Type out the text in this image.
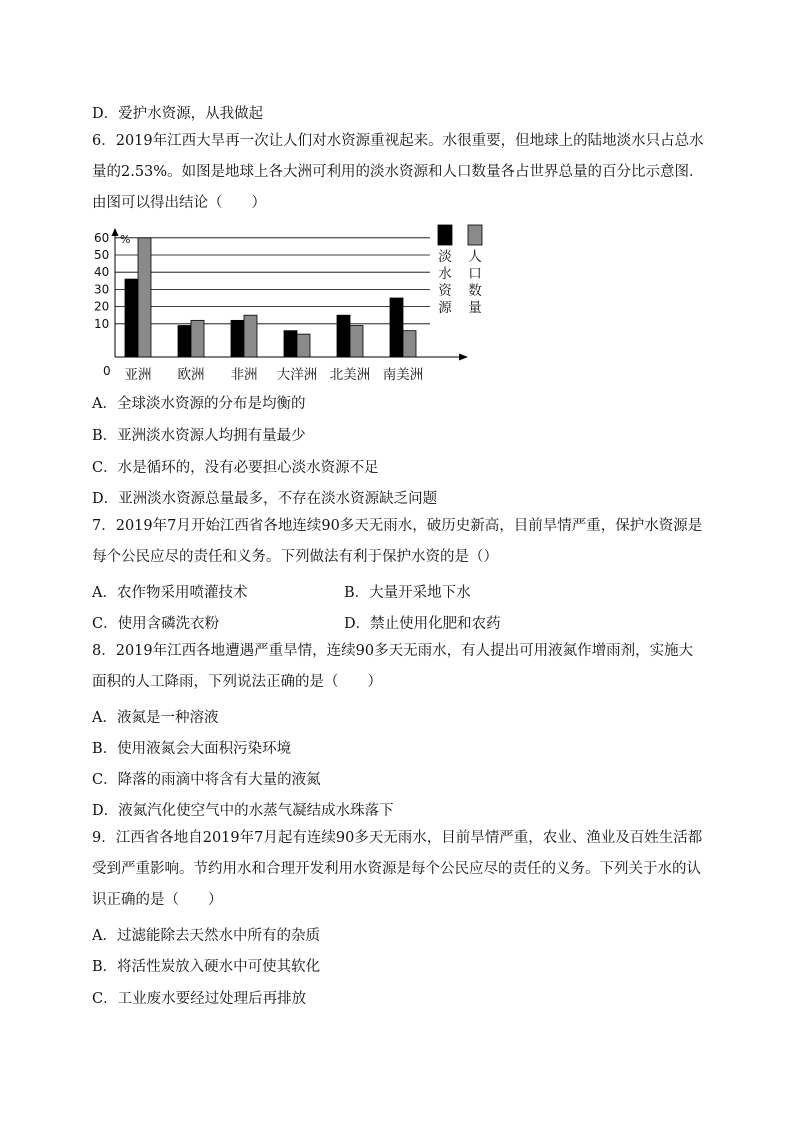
D．爱护水资源，从我做起
6．2019年江西大旱再一次让人们对水资源重视起来。水很重要，但地球上的陆地淡水只占总水量的2.53%。如图是地球上各大洲可利用的淡水资源和人口数量各占世界总量的百分比示意图．由图可以得出结论（　　）
60
50
40
30
20
10
%
0 亚洲 欧洲 非洲 大洋洲 北美洲 南美洲
淡
水
资
源
人
口
数
量
A．全球淡水资源的分布是均衡的
B．亚洲淡水资源人均拥有量最少
C．水是循环的，没有必要担心淡水资源不足
D．亚洲淡水资源总量最多，不存在淡水资源缺乏问题
7．2019年7月开始江西省各地连续90多天无雨水，破历史新高，目前旱情严重，保护水资源是每个公民应尽的责任和义务。下列做法有利于保护水资的是（）
A．农作物采用喷灌技术	B．大量开采地下水
C．使用含磷洗衣粉	D．禁止使用化肥和农药
8．2019年江西各地遭遇严重旱情，连续90多天无雨水，有人提出可用液氮作增雨剂，实施大面积的人工降雨，下列说法正确的是（　　）
A．液氮是一种溶液
B．使用液氮会大面积污染环境
C．降落的雨滴中将含有大量的液氮
D．液氮汽化使空气中的水蒸气凝结成水珠落下
9．江西省各地自2019年7月起有连续90多天无雨水，目前旱情严重，农业、渔业及百姓生活都受到严重影响。节约用水和合理开发利用水资源是每个公民应尽的责任的义务。下列关于水的认识正确的是（　　）
A．过滤能除去天然水中所有的杂质
B．将活性炭放入硬水中可使其软化
C．工业废水要经过处理后再排放
